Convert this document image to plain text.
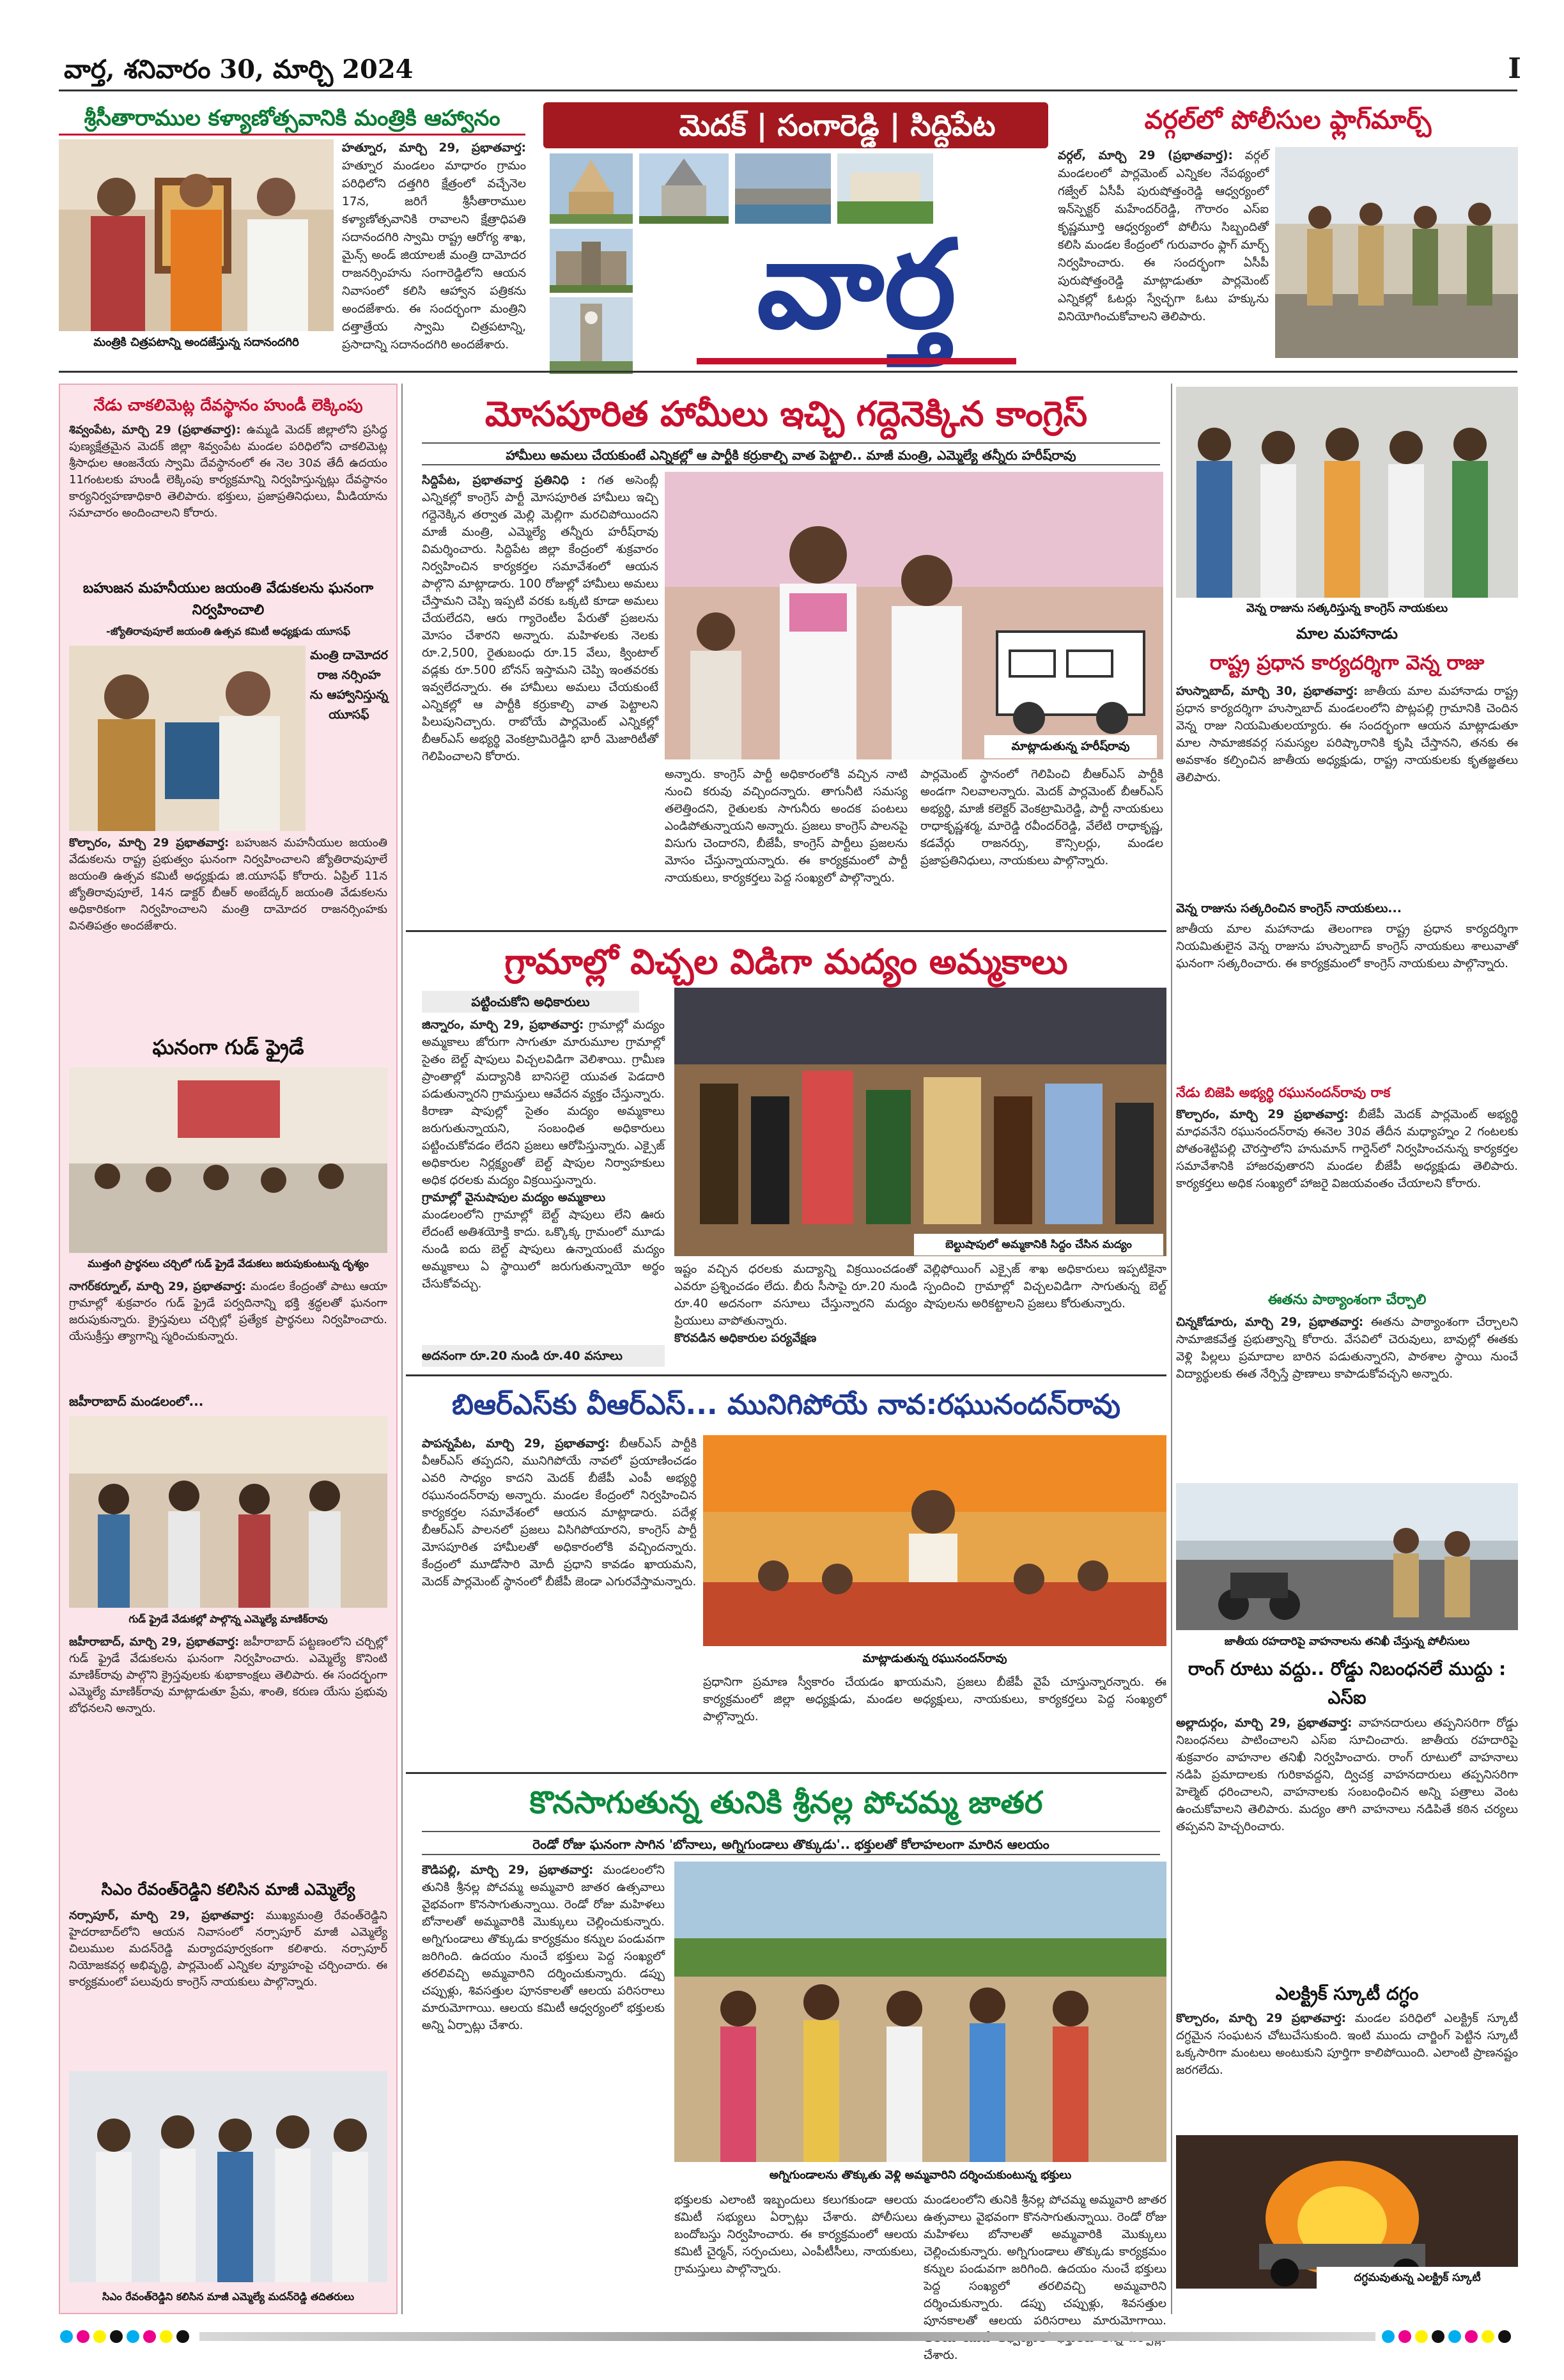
వార్త, శనివారం 30, మార్చి 2024	I
శ్రీసీతారాముల కళ్యాణోత్సవానికి మంత్రికి ఆహ్వానం
మంత్రికి చిత్రపటాన్ని అందజేస్తున్న సదానందగిరి
హత్నూర, మార్చి 29, ప్రభాతవార్త: హత్నూర మండలం మాధారం గ్రామం పరిధిలోని దత్తగిరి క్షేత్రంలో వచ్చేనెల 17న, జరిగే శ్రీసీతారాముల కళ్యాణోత్సవానికి రావాలని క్షేత్రాధిపతి సదానందగిరి స్వామి రాష్ట్ర ఆరోగ్య శాఖ, మైన్స్ అండ్ జియాలజీ మంత్రి దామోదర రాజనర్సింహను సంగారెడ్డిలోని ఆయన నివాసంలో కలిసి ఆహ్వాన పత్రికను అందజేశారు. ఈ సందర్భంగా మంత్రిని దత్తాత్రేయ స్వామి చిత్రపటాన్ని, ప్రసాదాన్ని సదానందగిరి అందజేశారు.
మెదక్ | సంగారెడ్డి | సిద్దిపేట
వార్త
వర్గల్‌లో పోలీసుల ఫ్లాగ్‌మార్చ్
వర్గల్, మార్చి 29 (ప్రభాతవార్త): వర్గల్ మండలంలో పార్లమెంట్ ఎన్నికల నేపథ్యంలో గజ్వేల్ ఏసీపీ పురుషోత్తంరెడ్డి ఆధ్వర్యంలో ఇన్‌స్పెక్టర్ మహేందర్‌రెడ్డి, గౌరారం ఎస్ఐ కృష్ణమూర్తి ఆధ్వర్యంలో పోలీసు సిబ్బందితో కలిసి మండల కేంద్రంలో గురువారం ఫ్లాగ్ మార్చ్ నిర్వహించారు. ఈ సందర్భంగా ఏసీపీ పురుషోత్తంరెడ్డి మాట్లాడుతూ పార్లమెంట్ ఎన్నికల్లో ఓటర్లు స్వేచ్ఛగా ఓటు హక్కును వినియోగించుకోవాలని తెలిపారు.
నేడు చాకలిమెట్ల దేవస్థానం హుండీ లెక్కింపు
శివ్వంపేట, మార్చి 29 (ప్రభాతవార్త): ఉమ్మడి మెదక్ జిల్లాలోని ప్రసిద్ధ పుణ్యక్షేత్రమైన మెదక్ జిల్లా శివ్వంపేట మండల పరిధిలోని చాకలిమెట్ల శ్రీసాధుల ఆంజనేయ స్వామి దేవస్థానంలో ఈ నెల 30వ తేదీ ఉదయం 11గంటలకు హుండీ లెక్కింపు కార్యక్రమాన్ని నిర్వహిస్తున్నట్లు దేవస్థానం కార్యనిర్వహణాధికారి తెలిపారు. భక్తులు, ప్రజాప్రతినిధులు, మీడియాను సమాచారం అందించాలని కోరారు.
బహుజన మహనీయుల జయంతి వేడుకలను ఘనంగా నిర్వహించాలి
-జ్యోతిరావుపూలే జయంతి ఉత్సవ కమిటీ అధ్యక్షుడు యూసఫ్
మంత్రి దామోదర రాజ నర్సింహ ను ఆహ్వానిస్తున్న యూసఫ్
కొల్చారం, మార్చి 29 ప్రభాతవార్త: బహుజన మహనీయుల జయంతి వేడుకలను రాష్ట్ర ప్రభుత్వం ఘనంగా నిర్వహించాలని జ్యోతిరావుపూలే జయంతి ఉత్సవ కమిటీ అధ్యక్షుడు జి.యూసఫ్ కోరారు. ఏప్రిల్ 11న జ్యోతిరావుపూలే, 14న డాక్టర్ బీఆర్ అంబేద్కర్ జయంతి వేడుకలను అధికారికంగా నిర్వహించాలని మంత్రి దామోదర రాజనర్సింహకు వినతిపత్రం అందజేశారు.
ఘనంగా గుడ్ ఫ్రైడే
ముత్తంగి ప్రార్థనలు చర్చిలో గుడ్ ఫ్రైడే వేడుకలు జరుపుకుంటున్న దృశ్యం
నాగర్‌కర్నూల్, మార్చి 29, ప్రభాతవార్త: మండల కేంద్రంతో పాటు ఆయా గ్రామాల్లో శుక్రవారం గుడ్ ఫ్రైడే పర్వదినాన్ని భక్తి శ్రద్ధలతో ఘనంగా జరుపుకున్నారు. క్రైస్తవులు చర్చిల్లో ప్రత్యేక ప్రార్థనలు నిర్వహించారు. యేసుక్రీస్తు త్యాగాన్ని స్మరించుకున్నారు.
జహీరాబాద్ మండలంలో...
గుడ్ ఫ్రైడే వేడుకల్లో పాల్గొన్న ఎమ్మెల్యే మాణిక్‌రావు
జహీరాబాద్, మార్చి 29, ప్రభాతవార్త: జహీరాబాద్ పట్టణంలోని చర్చిల్లో గుడ్ ఫ్రైడే వేడుకలను ఘనంగా నిర్వహించారు. ఎమ్మెల్యే కొనింటి మాణిక్‌రావు పాల్గొని క్రైస్తవులకు శుభాకాంక్షలు తెలిపారు. ఈ సందర్భంగా ఎమ్మెల్యే మాణిక్‌రావు మాట్లాడుతూ ప్రేమ, శాంతి, కరుణ యేసు ప్రభువు బోధనలని అన్నారు.
సిఎం రేవంత్‌రెడ్డిని కలిసిన మాజీ ఎమ్మెల్యే
నర్సాపూర్, మార్చి 29, ప్రభాతవార్త: ముఖ్యమంత్రి రేవంత్‌రెడ్డిని హైదరాబాద్‌లోని ఆయన నివాసంలో నర్సాపూర్ మాజీ ఎమ్మెల్యే చిలుముల మదన్‌రెడ్డి మర్యాదపూర్వకంగా కలిశారు. నర్సాపూర్ నియోజకవర్గ అభివృద్ధి, పార్లమెంట్ ఎన్నికల వ్యూహంపై చర్చించారు. ఈ కార్యక్రమంలో పలువురు కాంగ్రెస్ నాయకులు పాల్గొన్నారు.
సిఎం రేవంత్‌రెడ్డిని కలిసిన మాజీ ఎమ్మెల్యే మదన్‌రెడ్డి తదితరులు
మోసపూరిత హామీలు ఇచ్చి గద్దెనెక్కిన కాంగ్రెస్
హామీలు అమలు చేయకుంటే ఎన్నికల్లో ఆ పార్టీకి కర్రుకాల్చి వాత పెట్టాలి.. మాజీ మంత్రి, ఎమ్మెల్యే తన్నీరు హరీష్‌రావు
సిద్దిపేట, ప్రభాతవార్త ప్రతినిధి : గత అసెంబ్లీ ఎన్నికల్లో కాంగ్రెస్ పార్టీ మోసపూరిత హామీలు ఇచ్చి గద్దెనెక్కిన తర్వాత మెల్లి మెల్లిగా మరచిపోయిందని మాజీ మంత్రి, ఎమ్మెల్యే తన్నీరు హరీష్‌రావు విమర్శించారు. సిద్దిపేట జిల్లా కేంద్రంలో శుక్రవారం నిర్వహించిన కార్యకర్తల సమావేశంలో ఆయన పాల్గొని మాట్లాడారు. 100 రోజుల్లో హామీలు అమలు చేస్తామని చెప్పి ఇప్పటి వరకు ఒక్కటి కూడా అమలు చేయలేదని, ఆరు గ్యారెంటీల పేరుతో ప్రజలను మోసం చేశారని అన్నారు. మహిళలకు నెలకు రూ.2,500, రైతుబంధు రూ.15 వేలు, క్వింటాల్ వడ్లకు రూ.500 బోనస్ ఇస్తామని చెప్పి ఇంతవరకు ఇవ్వలేదన్నారు. ఈ హామీలు అమలు చేయకుంటే ఎన్నికల్లో ఆ పార్టీకి కర్రుకాల్చి వాత పెట్టాలని పిలుపునిచ్చారు. రాబోయే పార్లమెంట్ ఎన్నికల్లో బీఆర్ఎస్ అభ్యర్థి వెంకట్రామిరెడ్డిని భారీ మెజారిటీతో గెలిపించాలని కోరారు.
మాట్లాడుతున్న హరీష్‌రావు
అన్నారు. కాంగ్రెస్ పార్టీ అధికారంలోకి వచ్చిన నాటి నుంచి కరువు వచ్చిందన్నారు. తాగునీటి సమస్య తలెత్తిందని, రైతులకు సాగునీరు అందక పంటలు ఎండిపోతున్నాయని అన్నారు. ప్రజలు కాంగ్రెస్ పాలనపై విసుగు చెందారని, బీజేపీ, కాంగ్రెస్ పార్టీలు ప్రజలను మోసం చేస్తున్నాయన్నారు. ఈ కార్యక్రమంలో పార్టీ నాయకులు, కార్యకర్తలు పెద్ద సంఖ్యలో పాల్గొన్నారు.
పార్లమెంట్ స్థానంలో గెలిపించి బీఆర్ఎస్ పార్టీకి అండగా నిలవాలన్నారు. మెదక్ పార్లమెంట్ బీఆర్ఎస్ అభ్యర్థి, మాజీ కలెక్టర్ వెంకట్రామిరెడ్డి, పార్టీ నాయకులు రాధాకృష్ణశర్మ, మారెడ్డి రవీందర్‌రెడ్డి, వేలేటి రాధాకృష్ణ, కడవేర్గు రాజనర్సు, కౌన్సిలర్లు, మండల ప్రజాప్రతినిధులు, నాయకులు పాల్గొన్నారు.
గ్రామాల్లో విచ్చల విడిగా మద్యం అమ్మకాలు
పట్టించుకోని అధికారులు
జిన్నారం, మార్చి 29, ప్రభాతవార్త: గ్రామాల్లో మద్యం అమ్మకాలు జోరుగా సాగుతూ మారుమూల గ్రామాల్లో సైతం బెల్ట్ షాపులు విచ్చలవిడిగా వెలిశాయి. గ్రామీణ ప్రాంతాల్లో మద్యానికి బానిసలై యువత పెడదారి పడుతున్నారని గ్రామస్తులు ఆవేదన వ్యక్తం చేస్తున్నారు. కిరాణా షాపుల్లో సైతం మద్యం అమ్మకాలు జరుగుతున్నాయని, సంబంధిత అధికారులు పట్టించుకోవడం లేదని ప్రజలు ఆరోపిస్తున్నారు. ఎక్సైజ్ అధికారుల నిర్లక్ష్యంతో బెల్ట్ షాపుల నిర్వాహకులు అధిక ధరలకు మద్యం విక్రయిస్తున్నారు.
గ్రామాల్లో వైనుషాపుల మద్యం అమ్మకాలు
మండలంలోని గ్రామాల్లో బెల్ట్ షాపులు లేని ఊరు లేదంటే అతిశయోక్తి కాదు. ఒక్కొక్క గ్రామంలో మూడు నుండి ఐదు బెల్ట్ షాపులు ఉన్నాయంటే మద్యం అమ్మకాలు ఏ స్థాయిలో జరుగుతున్నాయో అర్థం చేసుకోవచ్చు.
అదనంగా రూ.20 నుండి రూ.40 వసూలు
బెల్టుషాపులో అమ్మకానికి సిద్దం చేసిన మద్యం
ఇష్టం వచ్చిన ధరలకు మద్యాన్ని విక్రయించడంతో ఎవరూ ప్రశ్నించడం లేదు. బీరు సీసాపై రూ.20 నుండి రూ.40 అదనంగా వసూలు చేస్తున్నారని మద్యం ప్రియులు వాపోతున్నారు.
కొరవడిన అధికారుల పర్యవేక్షణ
వెల్లిఫోయింగ్ ఎక్సైజ్ శాఖ అధికారులు ఇప్పటికైనా స్పందించి గ్రామాల్లో విచ్చలవిడిగా సాగుతున్న బెల్ట్ షాపులను అరికట్టాలని ప్రజలు కోరుతున్నారు.
బిఆర్ఎస్‌కు వీఆర్ఎస్... మునిగిపోయే నావ:రఘునందన్‌రావు
పాపన్నపేట, మార్చి 29, ప్రభాతవార్త: బీఆర్ఎస్ పార్టీకి వీఆర్ఎస్ తప్పదని, మునిగిపోయే నావలో ప్రయాణించడం ఎవరి సాధ్యం కాదని మెదక్ బీజేపీ ఎంపీ అభ్యర్థి రఘునందన్‌రావు అన్నారు. మండల కేంద్రంలో నిర్వహించిన కార్యకర్తల సమావేశంలో ఆయన మాట్లాడారు. పదేళ్ల బీఆర్ఎస్ పాలనలో ప్రజలు విసిగిపోయారని, కాంగ్రెస్ పార్టీ మోసపూరిత హామీలతో అధికారంలోకి వచ్చిందన్నారు. కేంద్రంలో మూడోసారి మోదీ ప్రధాని కావడం ఖాయమని, మెదక్ పార్లమెంట్ స్థానంలో బీజేపీ జెండా ఎగురవేస్తామన్నారు.
మాట్లాడుతున్న రఘునందన్‌రావు
ప్రధానిగా ప్రమాణ స్వీకారం చేయడం ఖాయమని, ప్రజలు బీజేపీ వైపే చూస్తున్నారన్నారు. ఈ కార్యక్రమంలో జిల్లా అధ్యక్షుడు, మండల అధ్యక్షులు, నాయకులు, కార్యకర్తలు పెద్ద సంఖ్యలో పాల్గొన్నారు.
కొనసాగుతున్న తునికి శ్రీనల్ల పోచమ్మ జాతర
రెండో రోజు ఘనంగా సాగిన 'బోనాలు, అగ్నిగుండాలు తొక్కుడు'.. భక్తులతో కోలాహలంగా మారిన ఆలయం
కౌడిపల్లి, మార్చి 29, ప్రభాతవార్త: మండలంలోని తునికి శ్రీనల్ల పోచమ్మ అమ్మవారి జాతర ఉత్సవాలు వైభవంగా కొనసాగుతున్నాయి. రెండో రోజు మహిళలు బోనాలతో అమ్మవారికి మొక్కులు చెల్లించుకున్నారు. అగ్నిగుండాలు తొక్కుడు కార్యక్రమం కన్నుల పండువగా జరిగింది. ఉదయం నుంచే భక్తులు పెద్ద సంఖ్యలో తరలివచ్చి అమ్మవారిని దర్శించుకున్నారు. డప్పు చప్పుళ్లు, శివసత్తుల పూనకాలతో ఆలయ పరిసరాలు మారుమోగాయి. ఆలయ కమిటీ ఆధ్వర్యంలో భక్తులకు అన్ని ఏర్పాట్లు చేశారు.
అగ్నిగుండాలను తొక్కుతు వెళ్లి అమ్మవారిని దర్శించుకుంటున్న భక్తులు
భక్తులకు ఎలాంటి ఇబ్బందులు కలుగకుండా ఆలయ కమిటీ సభ్యులు ఏర్పాట్లు చేశారు. పోలీసులు బందోబస్తు నిర్వహించారు. ఈ కార్యక్రమంలో ఆలయ కమిటీ చైర్మన్, సర్పంచులు, ఎంపీటీసీలు, నాయకులు, గ్రామస్తులు పాల్గొన్నారు.
మండలంలోని తునికి శ్రీనల్ల పోచమ్మ అమ్మవారి జాతర ఉత్సవాలు వైభవంగా కొనసాగుతున్నాయి. రెండో రోజు మహిళలు బోనాలతో అమ్మవారికి మొక్కులు చెల్లించుకున్నారు. అగ్నిగుండాలు తొక్కుడు కార్యక్రమం కన్నుల పండువగా జరిగింది. ఉదయం నుంచే భక్తులు పెద్ద సంఖ్యలో తరలివచ్చి అమ్మవారిని దర్శించుకున్నారు. డప్పు చప్పుళ్లు, శివసత్తుల పూనకాలతో ఆలయ పరిసరాలు మారుమోగాయి. చేశారు.
వెన్న రాజును సత్కరిస్తున్న కాంగ్రెస్ నాయకులు
మాల మహానాడు
రాష్ట్ర ప్రధాన కార్యదర్శిగా వెన్న రాజు
హుస్నాబాద్, మార్చి 30, ప్రభాతవార్త: జాతీయ మాల మహానాడు రాష్ట్ర ప్రధాన కార్యదర్శిగా హుస్నాబాద్ మండలంలోని పొట్లపల్లి గ్రామానికి చెందిన వెన్న రాజు నియమితులయ్యారు. ఈ సందర్భంగా ఆయన మాట్లాడుతూ మాల సామాజికవర్గ సమస్యల పరిష్కారానికి కృషి చేస్తానని, తనకు ఈ అవకాశం కల్పించిన జాతీయ అధ్యక్షుడు, రాష్ట్ర నాయకులకు కృతజ్ఞతలు తెలిపారు.
వెన్న రాజును సత్కరించిన కాంగ్రెస్ నాయకులు...
జాతీయ మాల మహానాడు తెలంగాణ రాష్ట్ర ప్రధాన కార్యదర్శిగా నియమితులైన వెన్న రాజును హుస్నాబాద్ కాంగ్రెస్ నాయకులు శాలువాతో ఘనంగా సత్కరించారు. ఈ కార్యక్రమంలో కాంగ్రెస్ నాయకులు పాల్గొన్నారు.
నేడు బిజెపి అభ్యర్థి రఘునందన్‌రావు రాక
కొల్చారం, మార్చి 29 ప్రభాతవార్త: బీజేపీ మెదక్ పార్లమెంట్ అభ్యర్థి మాధవనేని రఘునందన్‌రావు ఈనెల 30వ తేదీన మధ్యాహ్నం 2 గంటలకు పోతంశెట్టిపల్లి చౌరస్తాలోని హనుమాన్ గార్డెన్‌లో నిర్వహించనున్న కార్యకర్తల సమావేశానికి హాజరవుతారని మండల బీజేపీ అధ్యక్షుడు తెలిపారు. కార్యకర్తలు అధిక సంఖ్యలో హాజరై విజయవంతం చేయాలని కోరారు.
ఈతను పాఠ్యాంశంగా చేర్చాలి
చిన్నకోడూరు, మార్చి 29, ప్రభాతవార్త: ఈతను పాఠ్యాంశంగా చేర్చాలని సామాజికవేత్త ప్రభుత్వాన్ని కోరారు. వేసవిలో చెరువులు, బావుల్లో ఈతకు వెళ్లి పిల్లలు ప్రమాదాల బారిన పడుతున్నారని, పాఠశాల స్థాయి నుంచే విద్యార్థులకు ఈత నేర్పిస్తే ప్రాణాలు కాపాడుకోవచ్చని అన్నారు.
జాతీయ రహదారిపై వాహనాలను తనిఖీ చేస్తున్న పోలీసులు
రాంగ్ రూటు వద్దు.. రోడ్డు నిబంధనలే ముద్దు : ఎస్ఐ
అల్లాదుర్గం, మార్చి 29, ప్రభాతవార్త: వాహనదారులు తప్పనిసరిగా రోడ్డు నిబంధనలు పాటించాలని ఎస్ఐ సూచించారు. జాతీయ రహదారిపై శుక్రవారం వాహనాల తనిఖీ నిర్వహించారు. రాంగ్ రూటులో వాహనాలు నడిపి ప్రమాదాలకు గురికావద్దని, ద్విచక్ర వాహనదారులు తప్పనిసరిగా హెల్మెట్ ధరించాలని, వాహనాలకు సంబంధించిన అన్ని పత్రాలు వెంట ఉంచుకోవాలని తెలిపారు. మద్యం తాగి వాహనాలు నడిపితే కఠిన చర్యలు తప్పవని హెచ్చరించారు.
ఎలక్ట్రిక్ స్కూటీ దగ్ధం
కొల్చారం, మార్చి 29 ప్రభాతవార్త: మండల పరిధిలో ఎలక్ట్రిక్ స్కూటీ దగ్ధమైన సంఘటన చోటుచేసుకుంది. ఇంటి ముందు చార్జింగ్ పెట్టిన స్కూటీ ఒక్కసారిగా మంటలు అంటుకుని పూర్తిగా కాలిపోయింది. ఎలాంటి ప్రాణనష్టం జరగలేదు.
దగ్ధమవుతున్న ఎలక్ట్రిక్ స్కూటీ
